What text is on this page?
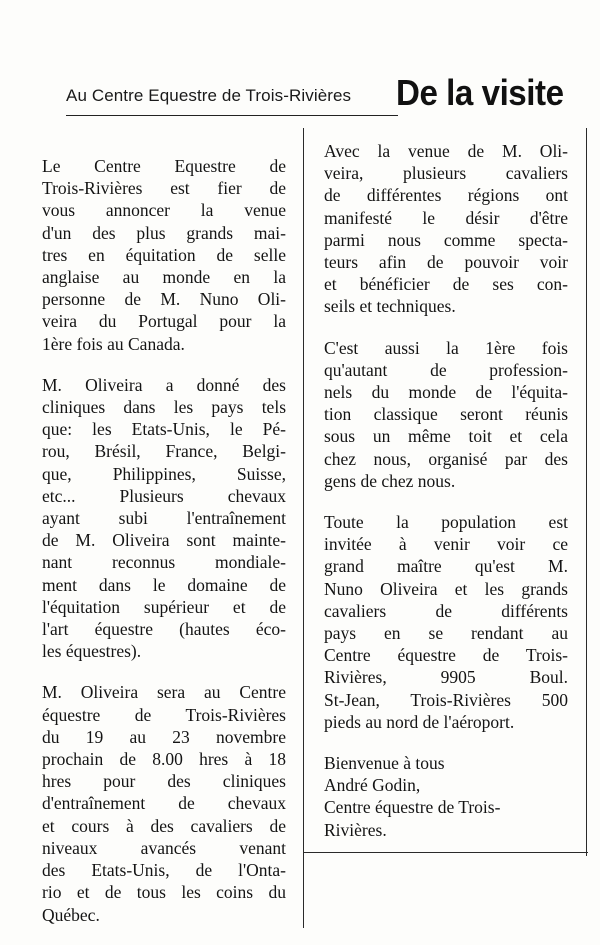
Au Centre Equestre de Trois-Rivières De la visite

Le Centre Equestre de
Trois-Rivières est fier de
vous annoncer la venue
d'un des plus grands mai-
tres en équitation de selle
anglaise au monde en la
personne de M. Nuno Oli-
veira du Portugal pour la
1ère fois au Canada.

M. Oliveira a donné des
cliniques dans les pays tels
que: les Etats-Unis, le Pé-
rou, Brésil, France, Belgi-
que, Philippines, Suisse,
etc... Plusieurs chevaux
ayant subi l'entraînement
de M. Oliveira sont mainte-
nant reconnus mondiale-
ment dans le domaine de
l'équitation supérieur et de
l'art équestre (hautes éco-
les équestres).

M. Oliveira sera au Centre
équestre de Trois-Rivières
du 19 au 23 novembre
prochain de 8.00 hres à 18
hres pour des cliniques
d'entraînement de chevaux
et cours à des cavaliers de
niveaux avancés venant
des Etats-Unis, de l'Onta-
rio et de tous les coins du
Québec.

Avec la venue de M. Oli-
veira, plusieurs cavaliers
de différentes régions ont
manifesté le désir d'être
parmi nous comme specta-
teurs afin de pouvoir voir
et bénéficier de ses con-
seils et techniques.

C'est aussi la 1ère fois
qu'autant de profession-
nels du monde de l'équita-
tion classique seront réunis
sous un même toit et cela
chez nous, organisé par des
gens de chez nous.

Toute la population est
invitée à venir voir ce
grand maître qu'est M.
Nuno Oliveira et les grands
cavaliers de différents
pays en se rendant au
Centre équestre de Trois-
Rivières, 9905 Boul.
St-Jean, Trois-Rivières 500
pieds au nord de l'aéroport.

Bienvenue à tous
André Godin,
Centre équestre de Trois-
Rivières.
